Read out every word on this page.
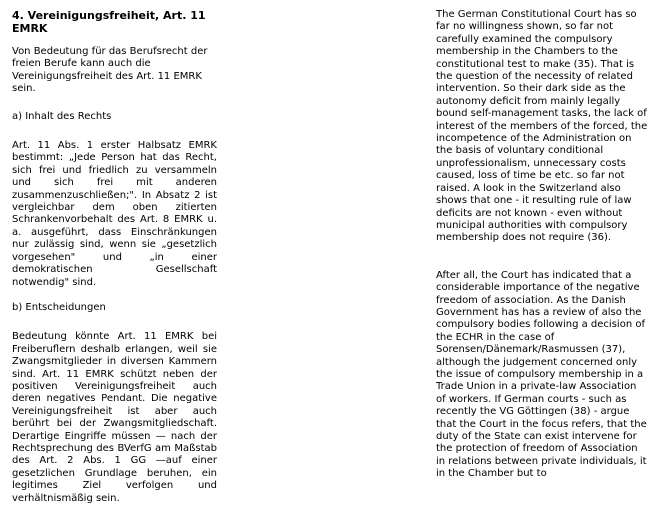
4. Vereinigungsfreiheit, Art. 11 EMRK

Von Bedeutung für das Berufsrecht der freien Berufe kann auch die Vereinigungsfreiheit des Art. 11 EMRK sein.

a) Inhalt des Rechts

Art. 11 Abs. 1 erster Halbsatz EMRK bestimmt: „Jede Person hat das Recht, sich frei und friedlich zu versammeln und sich frei mit anderen zusammenzuschließen;". In Absatz 2 ist vergleichbar dem oben zitierten Schrankenvorbehalt des Art. 8 EMRK u. a. ausgeführt, dass Einschränkungen nur zulässig sind, wenn sie „gesetzlich vorgesehen" und „in einer demokratischen Gesellschaft notwendig" sind.

b) Entscheidungen

Bedeutung könnte Art. 11 EMRK bei Freiberuflern deshalb erlangen, weil sie Zwangsmitglieder in diversen Kammern sind. Art. 11 EMRK schützt neben der positiven Vereinigungsfreiheit auch deren negatives Pendant. Die negative Vereinigungsfreiheit ist aber auch berührt bei der Zwangsmitgliedschaft. Derartige Eingriffe müssen — nach der Rechtsprechung des BVerfG am Maßstab des Art. 2 Abs. 1 GG —auf einer gesetzlichen Grundlage beruhen, ein legitimes Ziel verfolgen und verhältnismäßig sein.

The German Constitutional Court has so far no willingness shown, so far not carefully examined the compulsory membership in the Chambers to the constitutional test to make (35). That is the question of the necessity of related intervention. So their dark side as the autonomy deficit from mainly legally bound self-management tasks, the lack of interest of the members of the forced, the incompetence of the Administration on the basis of voluntary conditional unprofessionalism, unnecessary costs caused, loss of time be etc. so far not raised. A look in the Switzerland also shows that one - it resulting rule of law deficits are not known - even without municipal authorities with compulsory membership does not require (36).

After all, the Court has indicated that a considerable importance of the negative freedom of association. As the Danish Government has has a review of also the compulsory bodies following a decision of the ECHR in the case of Sorensen/Dänemark/Rasmussen (37), although the judgement concerned only the issue of compulsory membership in a Trade Union in a private-law Association of workers. If German courts - such as recently the VG Göttingen (38) - argue that the Court in the focus refers, that the duty of the State can exist intervene for the protection of freedom of Association in relations between private individuals, it in the Chamber but to
